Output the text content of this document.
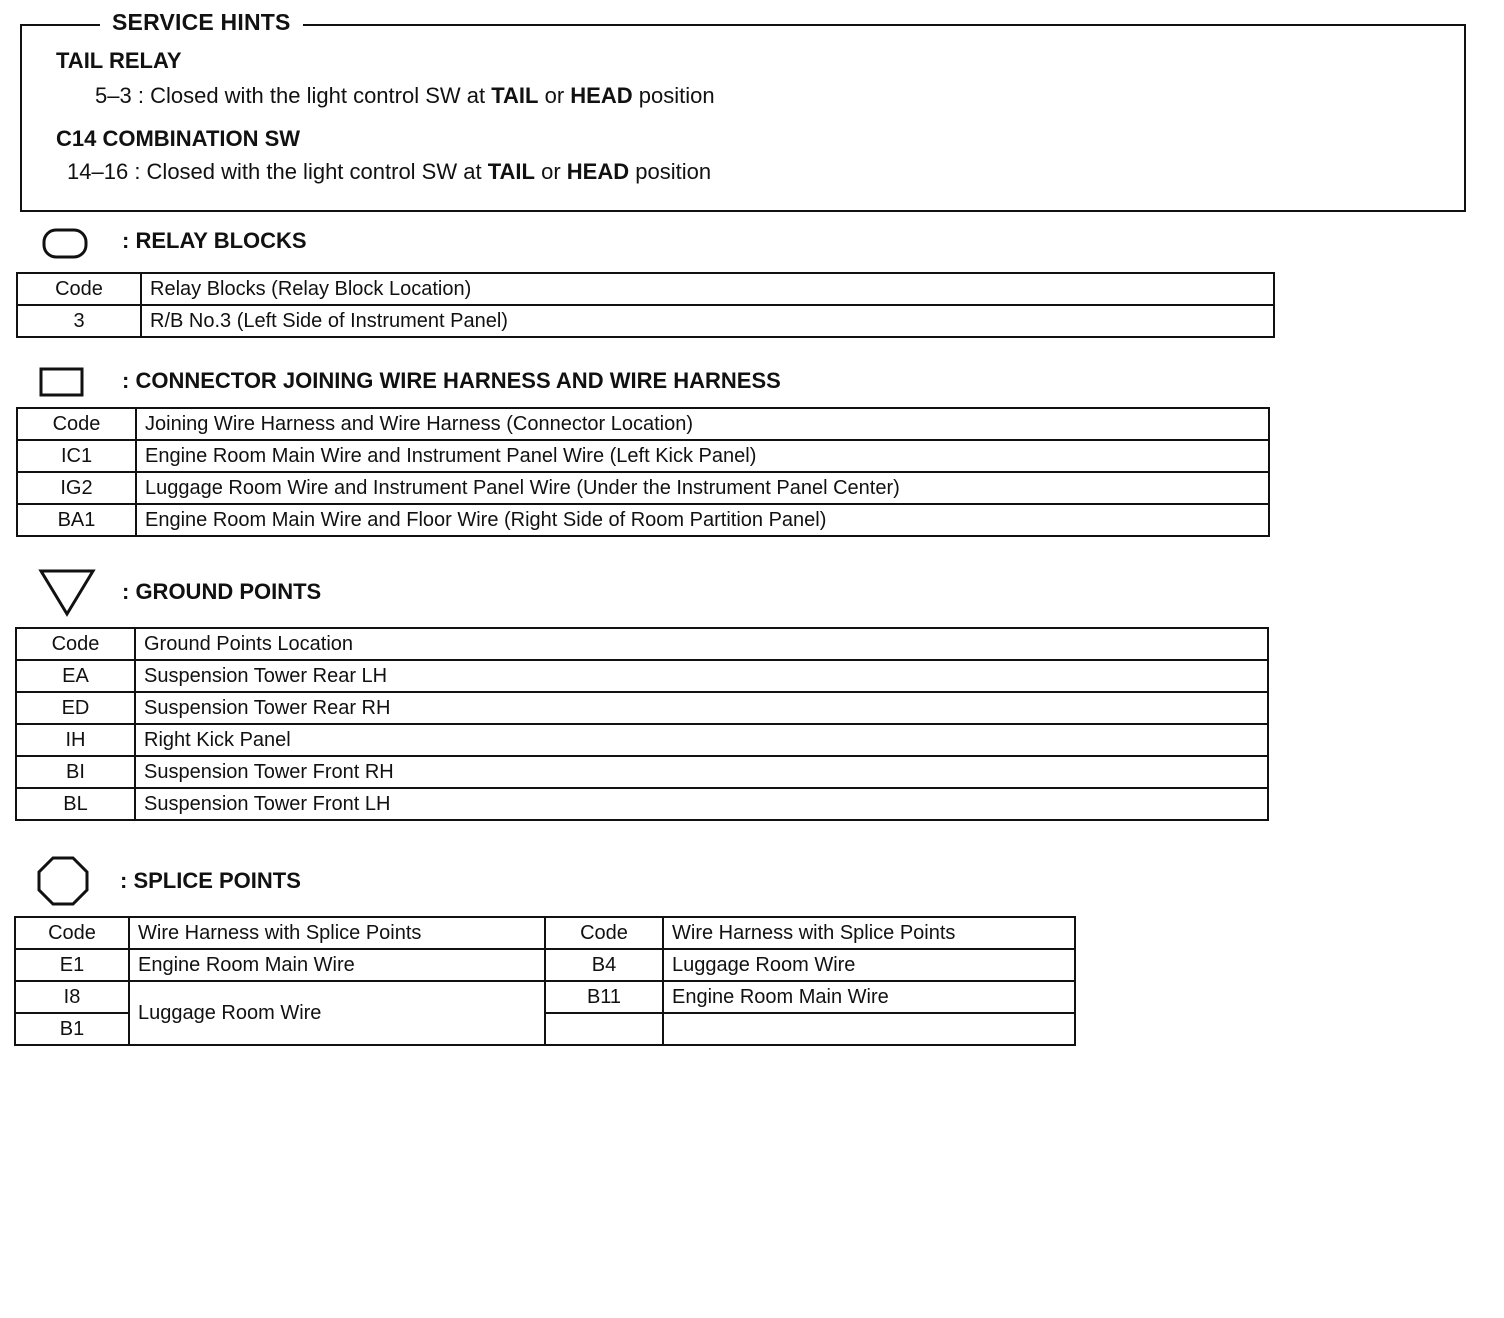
TAIL RELAY
5–3 : Closed with the light control SW at TAIL or HEAD position
C14 COMBINATION SW
14–16 : Closed with the light control SW at TAIL or HEAD position
SERVICE HINTS
: RELAY BLOCKS
Code	Relay Blocks (Relay Block Location)
3	R/B No.3 (Left Side of Instrument Panel)
: CONNECTOR JOINING WIRE HARNESS AND WIRE HARNESS
Code	Joining Wire Harness and Wire Harness (Connector Location)
IC1	Engine Room Main Wire and Instrument Panel Wire (Left Kick Panel)
IG2	Luggage Room Wire and Instrument Panel Wire (Under the Instrument Panel Center)
BA1	Engine Room Main Wire and Floor Wire (Right Side of Room Partition Panel)
: GROUND POINTS
Code	Ground Points Location
EA	Suspension Tower Rear LH
ED	Suspension Tower Rear RH
IH	Right Kick Panel
BI	Suspension Tower Front RH
BL	Suspension Tower Front LH
: SPLICE POINTS
Code	Wire Harness with Splice Points	Code	Wire Harness with Splice Points
E1	Engine Room Main Wire	B4	Luggage Room Wire
I8	Luggage Room Wire	B11	Engine Room Main Wire
B1			
